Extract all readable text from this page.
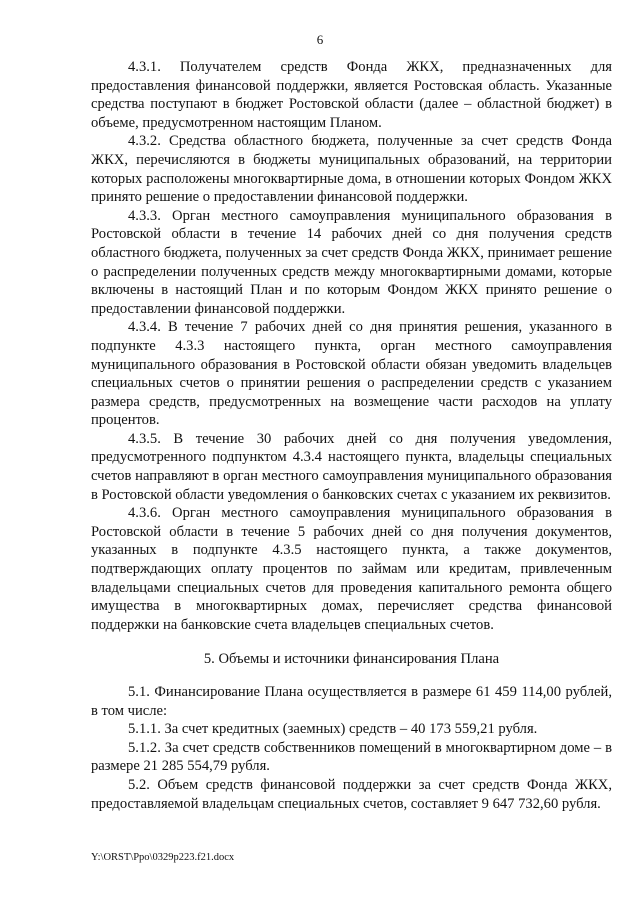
6

4.3.1. Получателем средств Фонда ЖКХ, предназначенных для предоставления финансовой поддержки, является Ростовская область. Указанные средства поступают в бюджет Ростовской области (далее – областной бюджет) в объеме, предусмотренном настоящим Планом.

4.3.2. Средства областного бюджета, полученные за счет средств Фонда ЖКХ, перечисляются в бюджеты муниципальных образований, на территории которых расположены многоквартирные дома, в отношении которых Фондом ЖКХ принято решение о предоставлении финансовой поддержки.

4.3.3. Орган местного самоуправления муниципального образования в Ростовской области в течение 14 рабочих дней со дня получения средств областного бюджета, полученных за счет средств Фонда ЖКХ, принимает решение о распределении полученных средств между многоквартирными домами, которые включены в настоящий План и по которым Фондом ЖКХ принято решение о предоставлении финансовой поддержки.

4.3.4. В течение 7 рабочих дней со дня принятия решения, указанного в подпункте 4.3.3 настоящего пункта, орган местного самоуправления муниципального образования в Ростовской области обязан уведомить владельцев специальных счетов о принятии решения о распределении средств с указанием размера средств, предусмотренных на возмещение части расходов на уплату процентов.

4.3.5. В течение 30 рабочих дней со дня получения уведомления, предусмотренного подпунктом 4.3.4 настоящего пункта, владельцы специальных счетов направляют в орган местного самоуправления муниципального образования в Ростовской области уведомления о банковских счетах с указанием их реквизитов.

4.3.6. Орган местного самоуправления муниципального образования в Ростовской области в течение 5 рабочих дней со дня получения документов, указанных в подпункте 4.3.5 настоящего пункта, а также документов, подтверждающих оплату процентов по займам или кредитам, привлеченным владельцами специальных счетов для проведения капитального ремонта общего имущества в многоквартирных домах, перечисляет средства финансовой поддержки на банковские счета владельцев специальных счетов.

5. Объемы и источники финансирования Плана

5.1. Финансирование Плана осуществляется в размере 61 459 114,00 рублей, в том числе:

5.1.1. За счет кредитных (заемных) средств – 40 173 559,21 рубля.

5.1.2. За счет средств собственников помещений в многоквартирном доме – в размере 21 285 554,79 рубля.

5.2. Объем средств финансовой поддержки за счет средств Фонда ЖКХ, предоставляемой владельцам специальных счетов, составляет 9 647 732,60 рубля.

Y:\ORST\Ppo\0329p223.f21.docx
